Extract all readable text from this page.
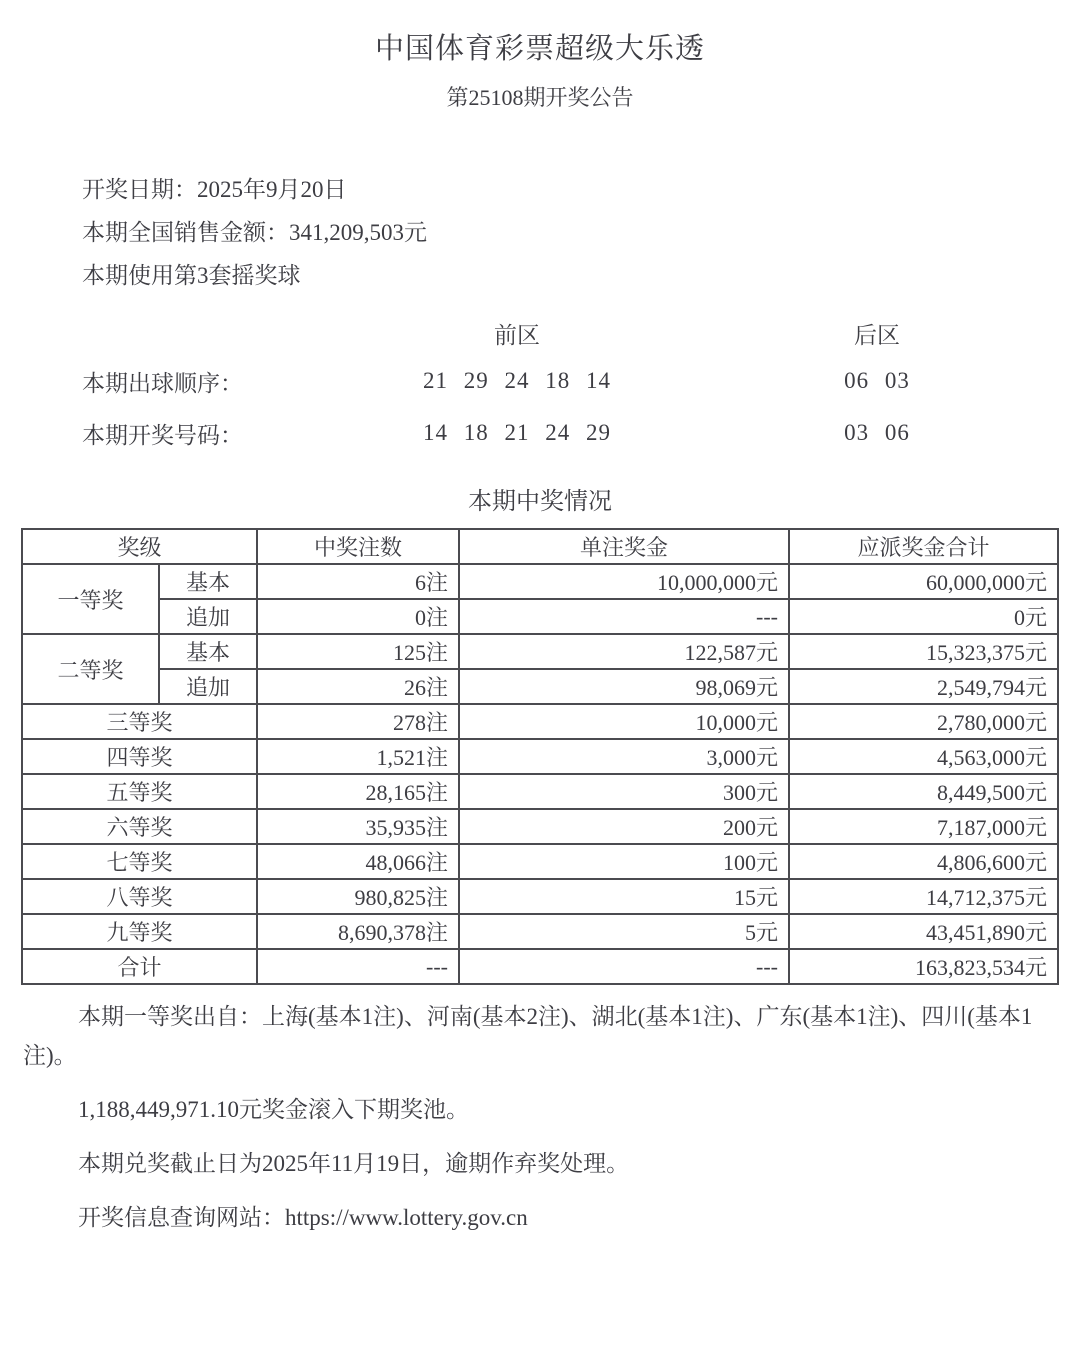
中国体育彩票超级大乐透
第25108期开奖公告
开奖日期：2025年9月20日
本期全国销售金额：341,209,503元
本期使用第3套摇奖球
前区	后区
本期出球顺序：	21 29 24 18 14	06 03
本期开奖号码：	14 18 21 24 29	03 06
本期中奖情况
奖级		中奖注数	单注奖金	应派奖金合计
一等奖	基本	6注	10,000,000元	60,000,000元
	追加	0注	---	0元
二等奖	基本	125注	122,587元	15,323,375元
	追加	26注	98,069元	2,549,794元
三等奖		278注	10,000元	2,780,000元
四等奖		1,521注	3,000元	4,563,000元
五等奖		28,165注	300元	8,449,500元
六等奖		35,935注	200元	7,187,000元
七等奖		48,066注	100元	4,806,600元
八等奖		980,825注	15元	14,712,375元
九等奖		8,690,378注	5元	43,451,890元
合计		---	---	163,823,534元

本期一等奖出自：上海(基本1注)、河南(基本2注)、湖北(基本1注)、广东(基本1注)、四川(基本1注)。

1,188,449,971.10元奖金滚入下期奖池。

本期兑奖截止日为2025年11月19日，逾期作弃奖处理。

开奖信息查询网站：https://www.lottery.gov.cn
